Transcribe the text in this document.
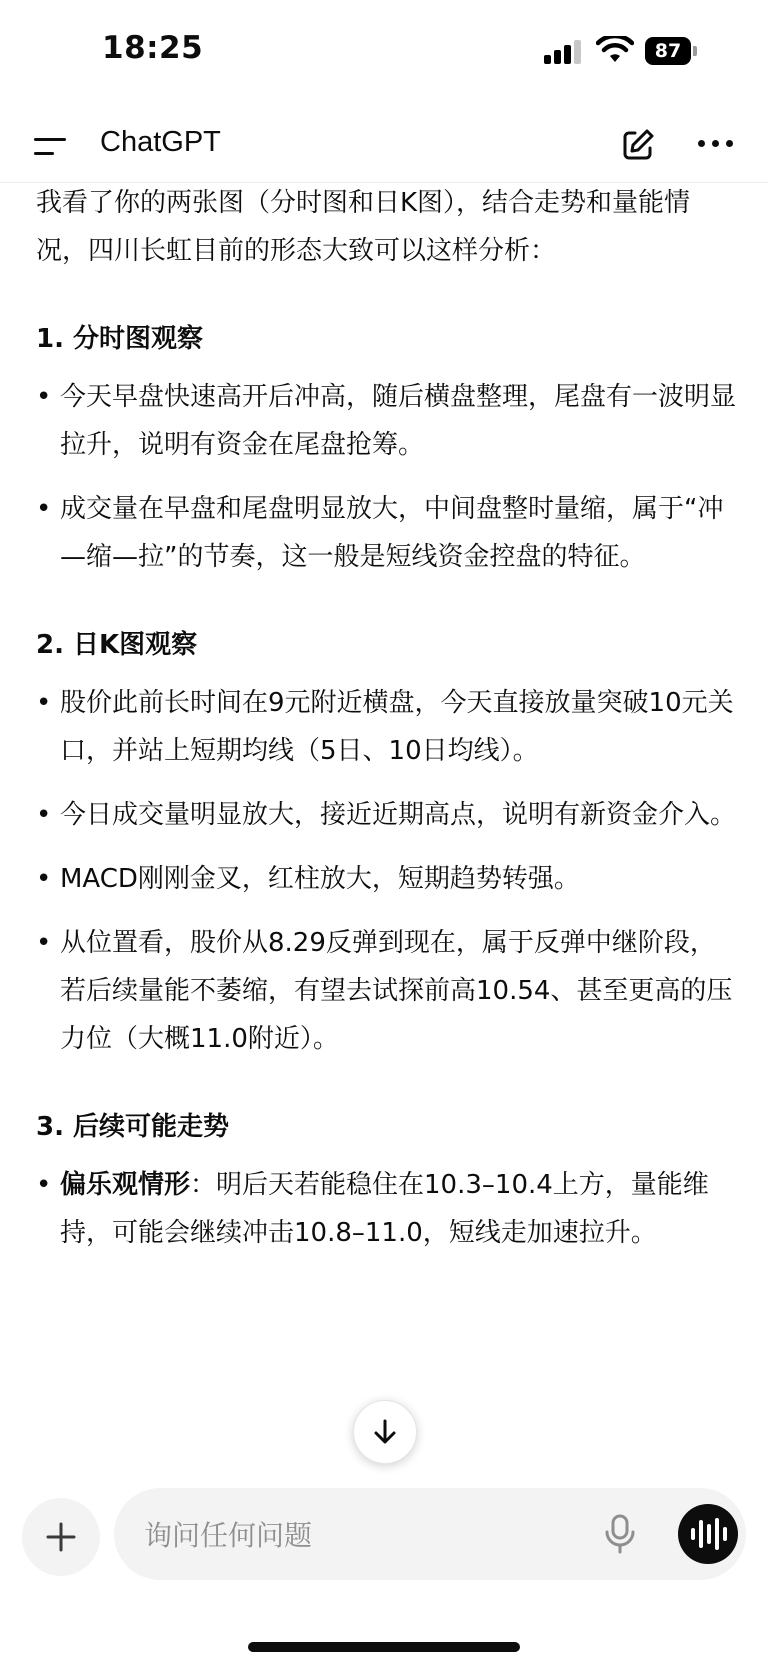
18:25	87
ChatGPT

我看了你的两张图（分时图和日K图），结合走势和量能情况，四川长虹目前的形态大致可以这样分析：

1. 分时图观察

• 今天早盘快速高开后冲高，随后横盘整理，尾盘有一波明显拉升，说明有资金在尾盘抢筹。
• 成交量在早盘和尾盘明显放大，中间盘整时量缩，属于“冲—缩—拉”的节奏，这一般是短线资金控盘的特征。

2. 日K图观察

• 股价此前长时间在9元附近横盘，今天直接放量突破10元关口，并站上短期均线（5日、10日均线）。
• 今日成交量明显放大，接近近期高点，说明有新资金介入。
• MACD刚刚金叉，红柱放大，短期趋势转强。
• 从位置看，股价从8.29反弹到现在，属于反弹中继阶段，若后续量能不萎缩，有望去试探前高10.54、甚至更高的压力位（大概11.0附近）。

3. 后续可能走势

• 偏乐观情形：明后天若能稳住在10.3–10.4上方，量能维持，可能会继续冲击10.8–11.0，短线走加速拉升。
询问任何问题
